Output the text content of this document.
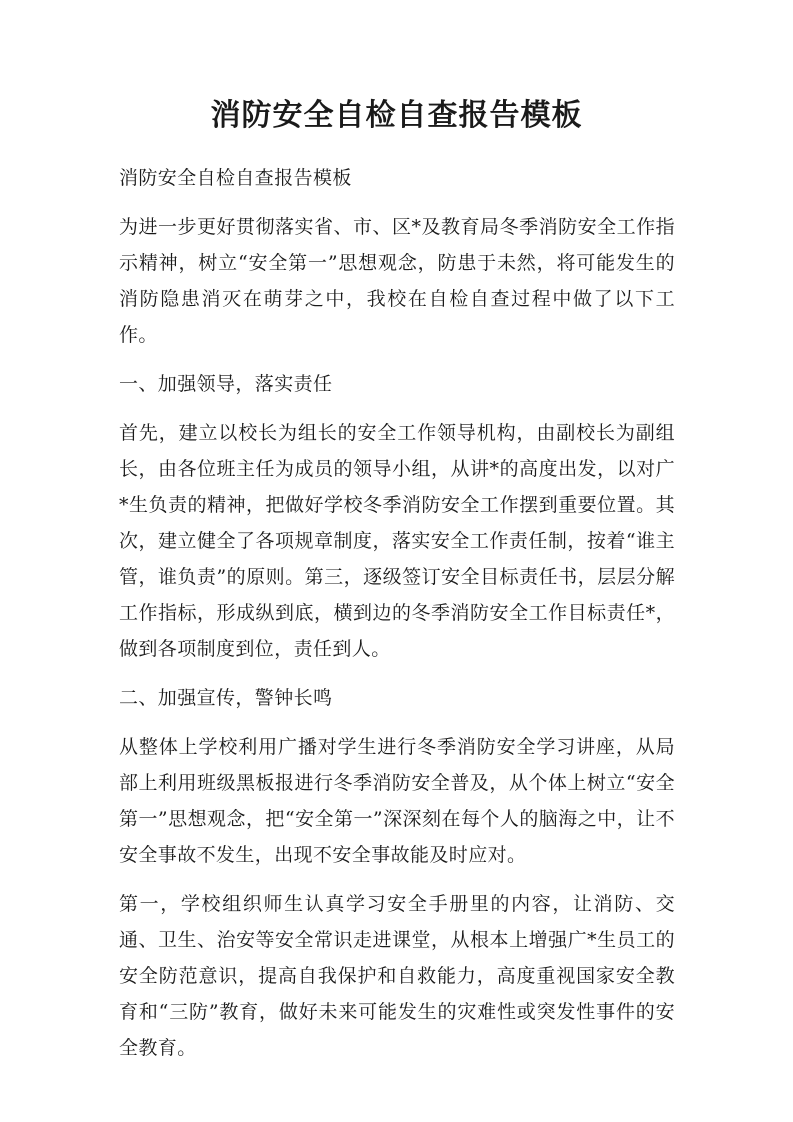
消防安全自检自查报告模板

消防安全自检自查报告模板

为进一步更好贯彻落实省、市、区*及教育局冬季消防安全工作指示精神，树立“安全第一”思想观念，防患于未然，将可能发生的消防隐患消灭在萌芽之中，我校在自检自查过程中做了以下工作。

一、加强领导，落实责任

首先，建立以校长为组长的安全工作领导机构，由副校长为副组长，由各位班主任为成员的领导小组，从讲*的高度出发，以对广*生负责的精神，把做好学校冬季消防安全工作摆到重要位置。其次，建立健全了各项规章制度，落实安全工作责任制，按着“谁主管，谁负责”的原则。第三，逐级签订安全目标责任书，层层分解工作指标，形成纵到底，横到边的冬季消防安全工作目标责任*，做到各项制度到位，责任到人。

二、加强宣传，警钟长鸣

从整体上学校利用广播对学生进行冬季消防安全学习讲座，从局部上利用班级黑板报进行冬季消防安全普及，从个体上树立“安全第一”思想观念，把“安全第一”深深刻在每个人的脑海之中，让不安全事故不发生，出现不安全事故能及时应对。

第一，学校组织师生认真学习安全手册里的内容，让消防、交通、卫生、治安等安全常识走进课堂，从根本上增强广*生员工的安全防范意识，提高自我保护和自救能力，高度重视国家安全教育和“三防”教育，做好未来可能发生的灾难性或突发性事件的安全教育。
